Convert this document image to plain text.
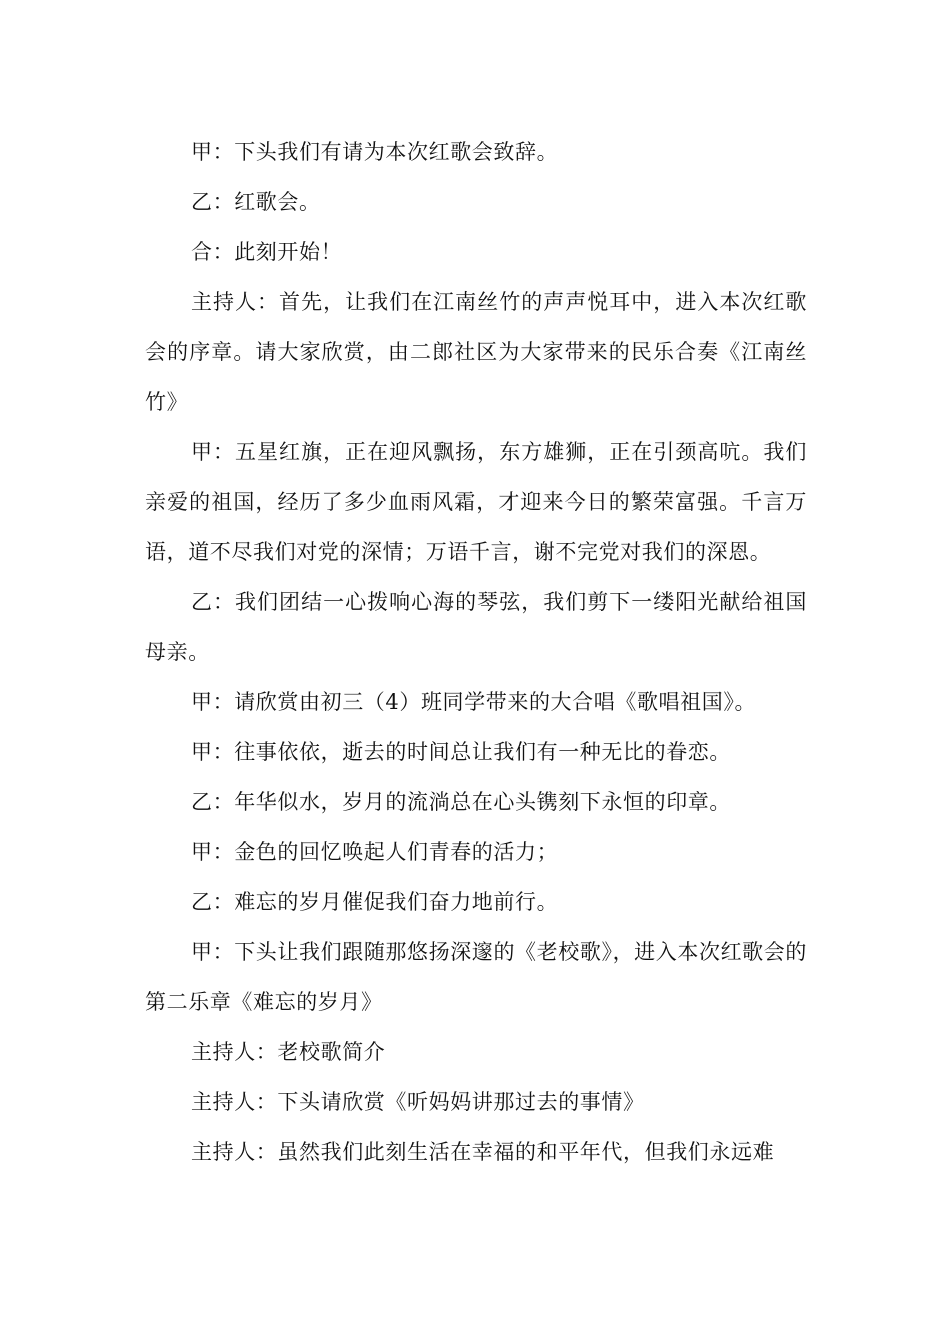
甲：下头我们有请为本次红歌会致辞。

乙：红歌会。

合：此刻开始！

主持人：首先，让我们在江南丝竹的声声悦耳中，进入本次红歌会的序章。请大家欣赏，由二郎社区为大家带来的民乐合奏《江南丝竹》

甲：五星红旗，正在迎风飘扬，东方雄狮，正在引颈高吭。我们亲爱的祖国，经历了多少血雨风霜，才迎来今日的繁荣富强。千言万语，道不尽我们对党的深情；万语千言，谢不完党对我们的深恩。

乙：我们团结一心拨响心海的琴弦，我们剪下一缕阳光献给祖国母亲。

甲：请欣赏由初三（4）班同学带来的大合唱《歌唱祖国》。

甲：往事依依，逝去的时间总让我们有一种无比的眷恋。

乙：年华似水，岁月的流淌总在心头镌刻下永恒的印章。

甲：金色的回忆唤起人们青春的活力；

乙：难忘的岁月催促我们奋力地前行。

甲：下头让我们跟随那悠扬深邃的《老校歌》，进入本次红歌会的第二乐章《难忘的岁月》

主持人：老校歌简介

主持人：下头请欣赏《听妈妈讲那过去的事情》

主持人：虽然我们此刻生活在幸福的和平年代，但我们永远难
